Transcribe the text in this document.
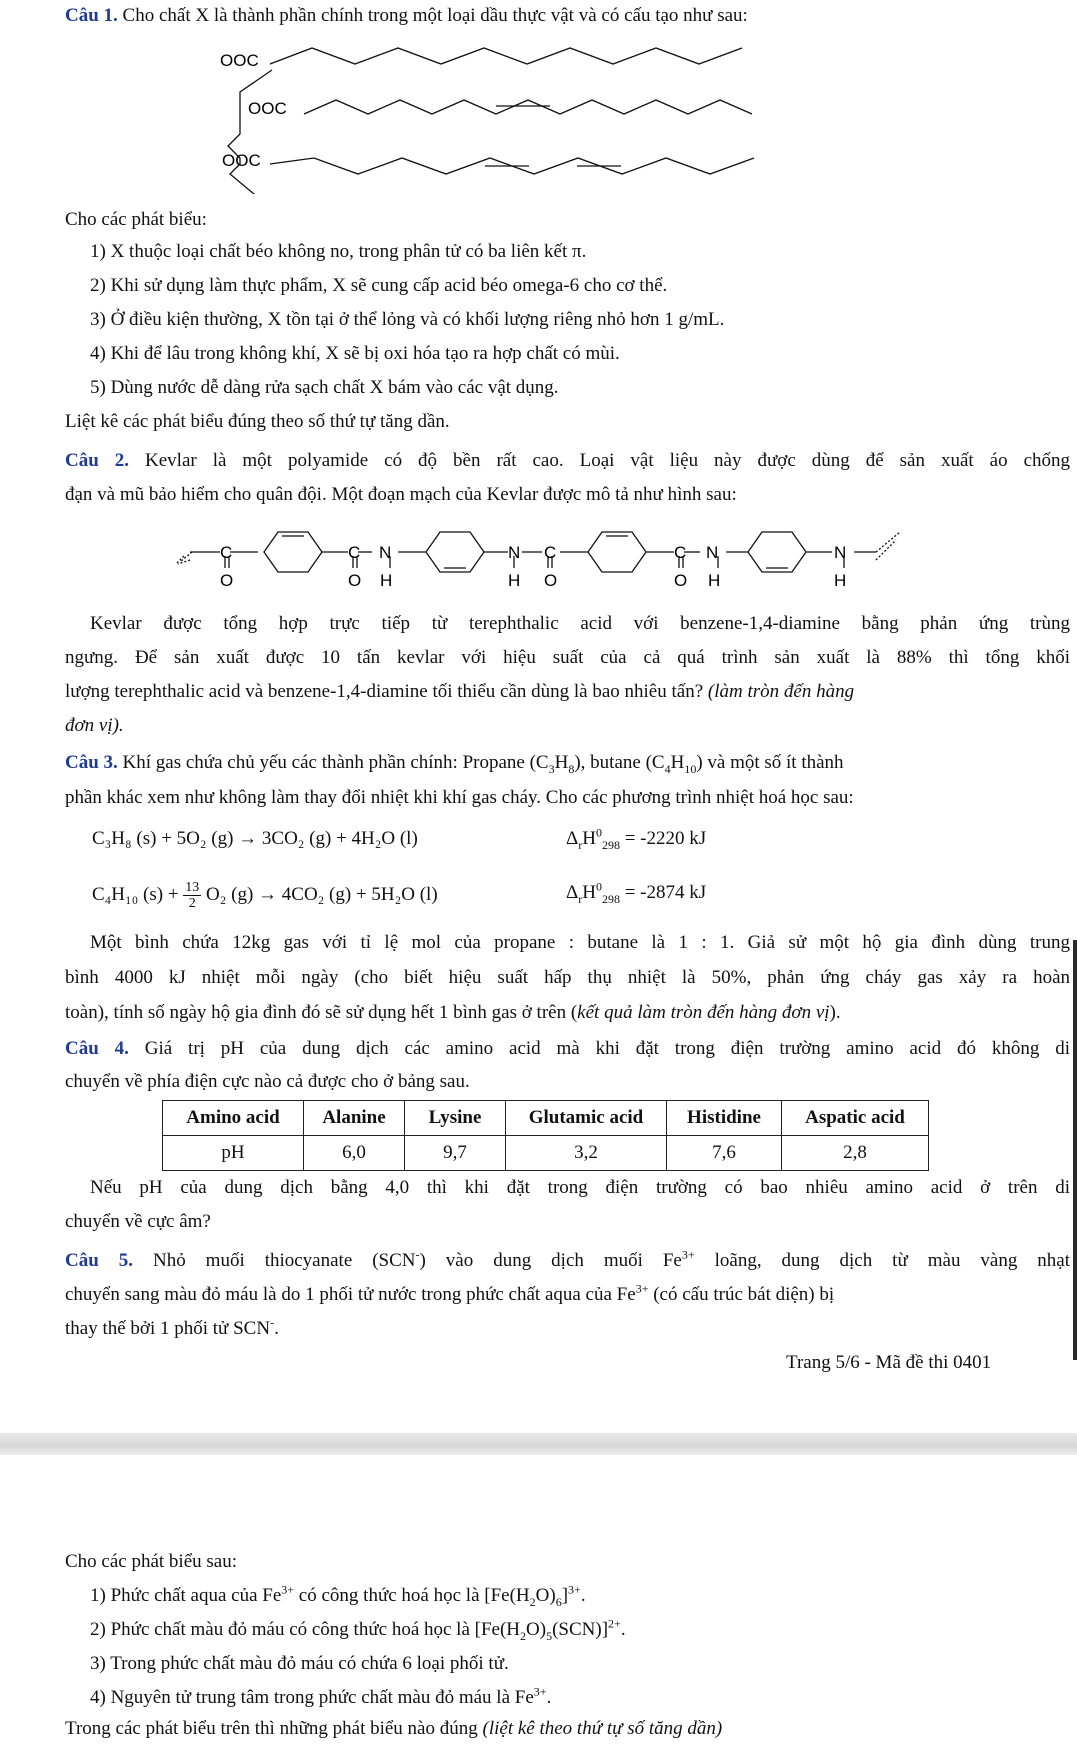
Câu 1. Cho chất X là thành phần chính trong một loại dầu thực vật và có cấu tạo như sau:
OOC
OOC
OOC
Cho các phát biểu:
1) X thuộc loại chất béo không no, trong phân tử có ba liên kết π.
2) Khi sử dụng làm thực phẩm, X sẽ cung cấp acid béo omega-6 cho cơ thể.
3) Ở điều kiện thường, X tồn tại ở thể lỏng và có khối lượng riêng nhỏ hơn 1 g/mL.
4) Khi để lâu trong không khí, X sẽ bị oxi hóa tạo ra hợp chất có mùi.
5) Dùng nước dễ dàng rửa sạch chất X bám vào các vật dụng.
Liệt kê các phát biểu đúng theo số thứ tự tăng dần.
Câu 2. Kevlar là một polyamide có độ bền rất cao. Loại vật liệu này được dùng để sản xuất áo chống
đạn và mũ bảo hiểm cho quân đội. Một đoạn mạch của Kevlar được mô tả như hình sau:
C
O
C
O
N
H
N
H
C
O
C
O
N
H
N
H
Kevlar được tổng hợp trực tiếp từ terephthalic acid với benzene-1,4-diamine bằng phản ứng trùng
ngưng. Để sản xuất được 10 tấn kevlar với hiệu suất của cả quá trình sản xuất là 88% thì tổng khối
lượng terephthalic acid và benzene-1,4-diamine tối thiểu cần dùng là bao nhiêu tấn? (làm tròn đến hàng
đơn vị).
Câu 3. Khí gas chứa chủ yếu các thành phần chính: Propane $(C_3H_8)$, butane $(C_4H_{10})$ và một số ít thành
phần khác xem như không làm thay đổi nhiệt khi khí gas cháy. Cho các phương trình nhiệt hoá học sau:
C₃H₈ (s) + 5O₂ (g) → 3CO₂ (g) + 4H₂O (l)	$\Delta_rH^0_{298} = -2220$ kJ
C₄H₁₀ $(s) + \frac{13}{2} O_2$ (g) → 4CO₂ (g) + 5H₂O (l)	$\Delta_rH^0_{298} = -2874$ kJ
Một bình chứa 12kg gas với tỉ lệ mol của propane : butane là 1 : 1. Giả sử một hộ gia đình dùng trung
bình 4000 kJ nhiệt mỗi ngày (cho biết hiệu suất hấp thụ nhiệt là 50%, phản ứng cháy gas xảy ra hoàn
toàn), tính số ngày hộ gia đình đó sẽ sử dụng hết 1 bình gas ở trên (kết quả làm tròn đến hàng đơn vị).
Câu 4. Giá trị pH của dung dịch các amino acid mà khi đặt trong điện trường amino acid đó không di
chuyển về phía điện cực nào cả được cho ở bảng sau.
Amino acid	Alanine	Lysine	Glutamic acid	Histidine	Aspatic acid
pH	6,0	9,7	3,2	7,6	2,8
Nếu pH của dung dịch bằng 4,0 thì khi đặt trong điện trường có bao nhiêu amino acid ở trên di
chuyển về cực âm?
Câu 5. Nhỏ muối thiocyanate (SCN-) vào dung dịch muối $Fe^{3+}$ loãng, dung dịch từ màu vàng nhạt
chuyển sang màu đỏ máu là do 1 phối tử nước trong phức chất aqua của $Fe^{3+}$ (có cấu trúc bát diện) bị
thay thế bởi 1 phối tử SCN-.
Trang 5/6 - Mã đề thi 0401
Cho các phát biểu sau:
1) Phức chất aqua của $Fe^{3+}$ có công thức hoá học là $[Fe(H_2O)_6]^{3+}$.
2) Phức chất màu đỏ máu có công thức hoá học là $[Fe(H_2O)_5(SCN)]^{2+}$.
3) Trong phức chất màu đỏ máu có chứa 6 loại phối tử.
4) Nguyên tử trung tâm trong phức chất màu đỏ máu là $Fe^{3+}$.
Trong các phát biểu trên thì những phát biểu nào đúng (liệt kê theo thứ tự số tăng dần)
